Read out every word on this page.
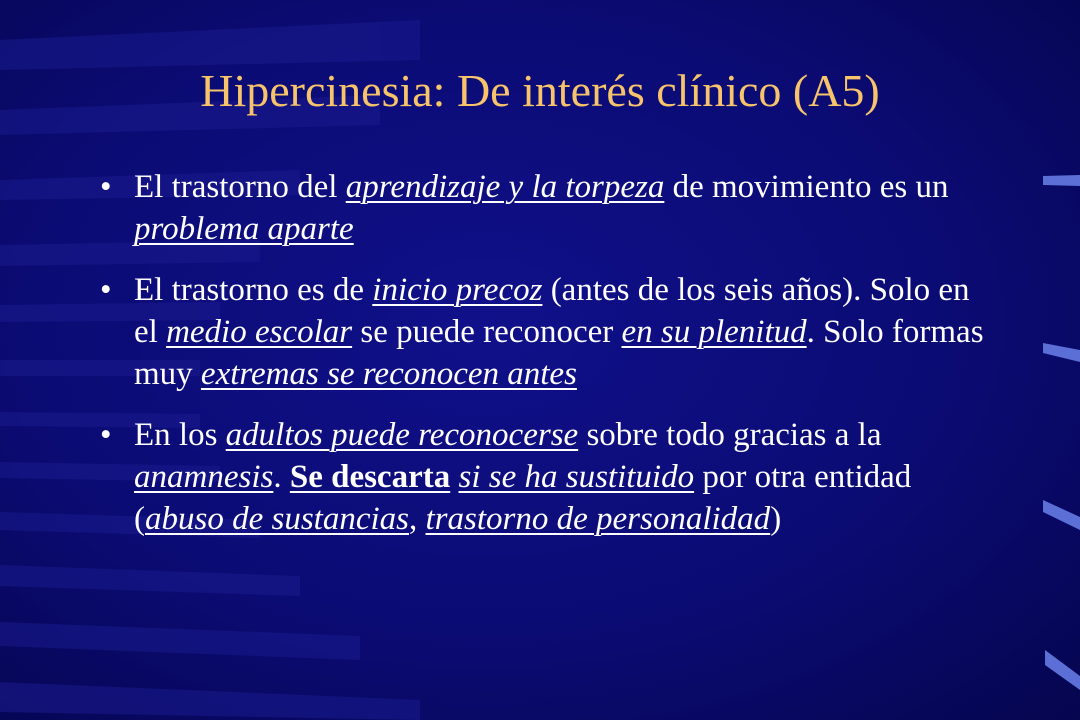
Hipercinesia: De interés clínico (A5)
• El trastorno del aprendizaje y la torpeza de movimiento es un problema aparte
• El trastorno es de inicio precoz (antes de los seis años). Solo en el medio escolar se puede reconocer en su plenitud. Solo formas muy extremas se reconocen antes
• En los adultos puede reconocerse sobre todo gracias a la anamnesis. Se descarta si se ha sustituido por otra entidad (abuso de sustancias, trastorno de personalidad)
